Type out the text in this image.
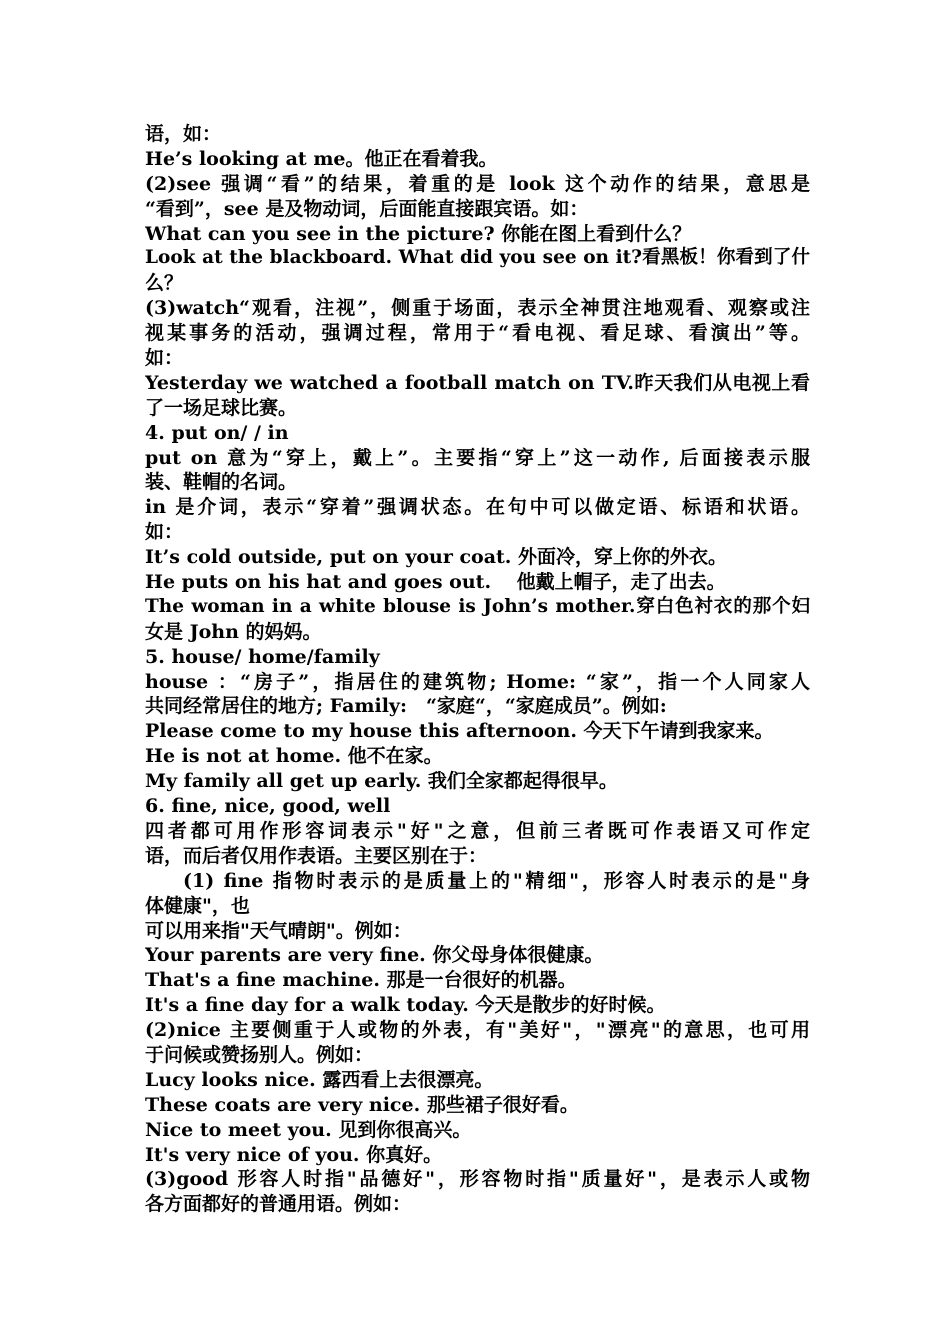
语，如：
He’s looking at me。他正在看着我。
(2)see 强调“看”的结果，着重的是 look 这个动作的结果，意思是
“看到”，see 是及物动词，后面能直接跟宾语。如：
What can you see in the picture? 你能在图上看到什么？
Look at the blackboard. What did you see on it?看黑板！你看到了什
么？
(3)watch“观看，注视”，侧重于场面，表示全神贯注地观看、观察或注
视某事务的活动，强调过程，常用于“看电视、看足球、看演出”等。
如：
Yesterday we watched a football match on TV.昨天我们从电视上看
了一场足球比赛。
4. put on/ / in
put on 意为“穿上，戴上”。主要指“穿上”这一动作, 后面接表示服
装、鞋帽的名词。
in 是介词，表示“穿着”强调状态。在句中可以做定语、标语和状语。
如：
It’s cold outside, put on your coat. 外面冷，穿上你的外衣。
He puts on his hat and goes out.　 他戴上帽子，走了出去。
The woman in a white blouse is John’s mother.穿白色衬衣的那个妇
女是 John 的妈妈。
5. house/ home/family
house ：“房子”，指居住的建筑物; Home: “家”，指一个人同家人
共同经常居住的地方; Family:　“家庭“，“家庭成员”。例如:
Please come to my house this afternoon. 今天下午请到我家来。
He is not at home. 他不在家。
My family all get up early. 我们全家都起得很早。
6. fine, nice, good, well
四者都可用作形容词表示"好"之意，但前三者既可作表语又可作定
语，而后者仅用作表语。主要区别在于：
(1) fine 指物时表示的是质量上的"精细"，形容人时表示的是"身
体健康"，也
可以用来指"天气晴朗"。例如：
Your parents are very fine. 你父母身体很健康。
That's a fine machine. 那是一台很好的机器。
It's a fine day for a walk today. 今天是散步的好时候。
(2)nice 主要侧重于人或物的外表，有"美好"，"漂亮"的意思，也可用
于问候或赞扬别人。例如：
Lucy looks nice. 露西看上去很漂亮。
These coats are very nice. 那些裙子很好看。
Nice to meet you. 见到你很高兴。
It's very nice of you. 你真好。
(3)good 形容人时指"品德好"，形容物时指"质量好"，是表示人或物
各方面都好的普通用语。例如：
